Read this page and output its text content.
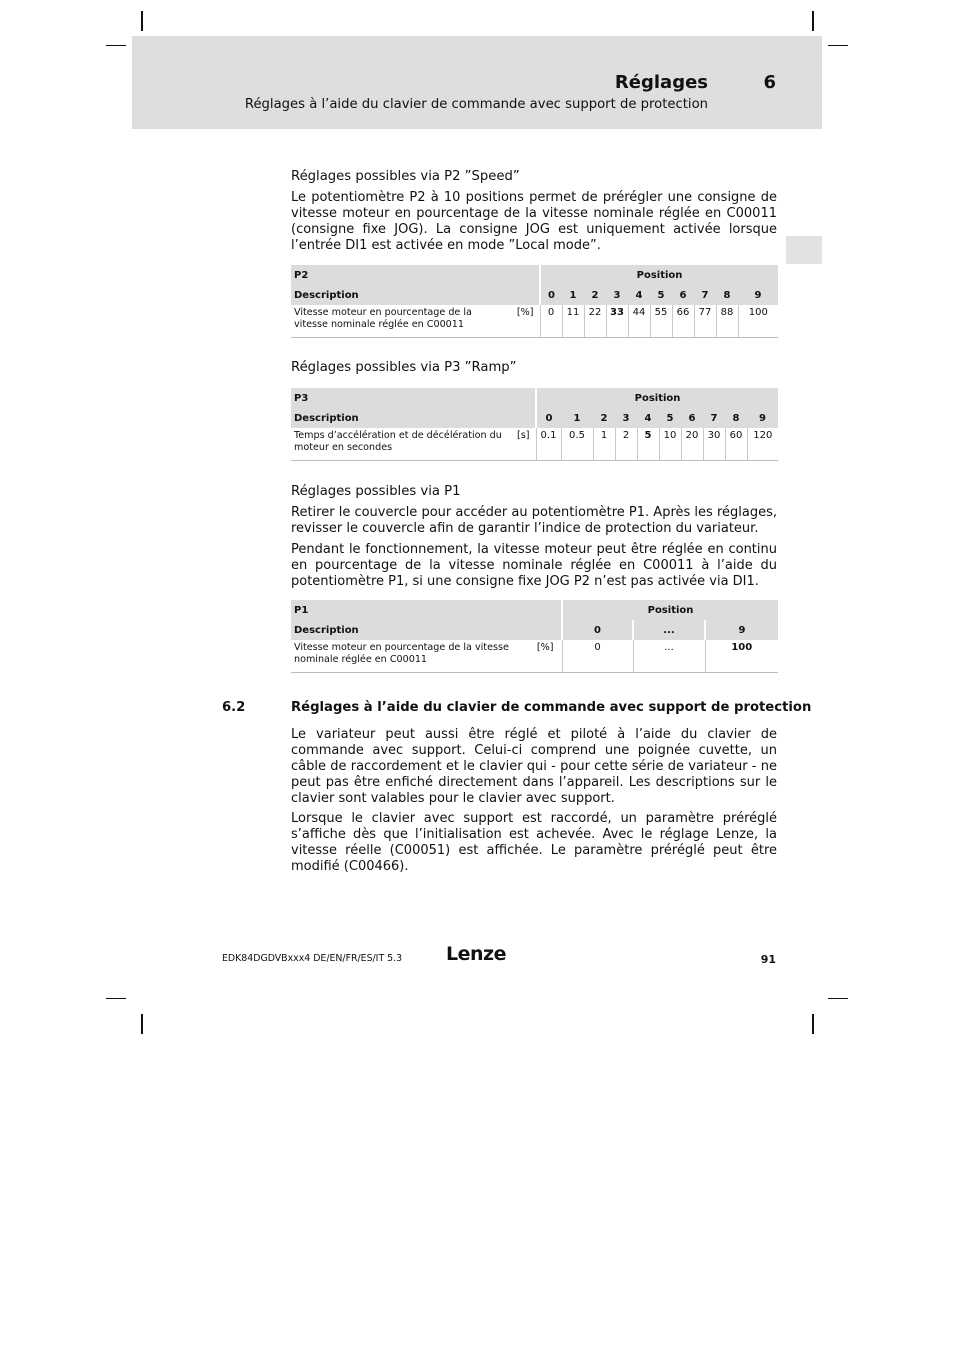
Réglages	6
Réglages à l’aide du clavier de commande avec support de protection
Réglages possibles via P2 ”Speed”

Le potentiomètre P2 à 10 positions permet de prérégler une consigne de vitesse moteur en pourcentage de la vitesse nominale réglée en C00011 (consigne fixe JOG). La consigne JOG est uniquement activée lorsque l’entrée DI1 est activée en mode ”Local mode”.

P2	Position									
Description	0	1	2	3	4	5	6	7	8	9

Vitesse moteur en pourcentage de la vitesse nominale réglée en C00011
[%]	0	11	22	33	44	55	66	77	88	100
Réglages possibles via P3 ”Ramp”
P3	Position									
Description	0	1	2	3	4	5	6	7	8	9

Temps d’accélération et de décélération du moteur en secondes
[s]	0.1	0.5	1	2	5	10	20	30	60	120
Réglages possibles via P1

Retirer le couvercle pour accéder au potentiomètre P1. Après les réglages, revisser le couvercle afin de garantir l’indice de protection du variateur.

Pendant le fonctionnement, la vitesse moteur peut être réglée en continu en pourcentage de la vitesse nominale réglée en C00011 à l’aide du potentiomètre P1, si une consigne fixe JOG P2 n’est pas activée via DI1.

P1	Position		
Description	0	...	9

Vitesse moteur en pourcentage de la vitesse nominale réglée en C00011
[%]	0	...	100
6.2	Réglages à l’aide du clavier de commande avec support de protection

Le variateur peut aussi être réglé et piloté à l’aide du clavier de commande avec support. Celui-ci comprend une poignée cuvette, un câble de raccordement et le clavier qui - pour cette série de variateur - ne peut pas être enfiché directement dans l’appareil. Les descriptions sur le clavier sont valables pour le clavier avec support.

Lorsque le clavier avec support est raccordé, un paramètre préréglé s’affiche dès que l’initialisation est achevée. Avec le réglage Lenze, la vitesse réelle (C00051) est affichée. Le paramètre préréglé peut être modifié (C00466).

EDK84DGDVBxxx4 DE/EN/FR/ES/IT 5.3 Lenze	91
